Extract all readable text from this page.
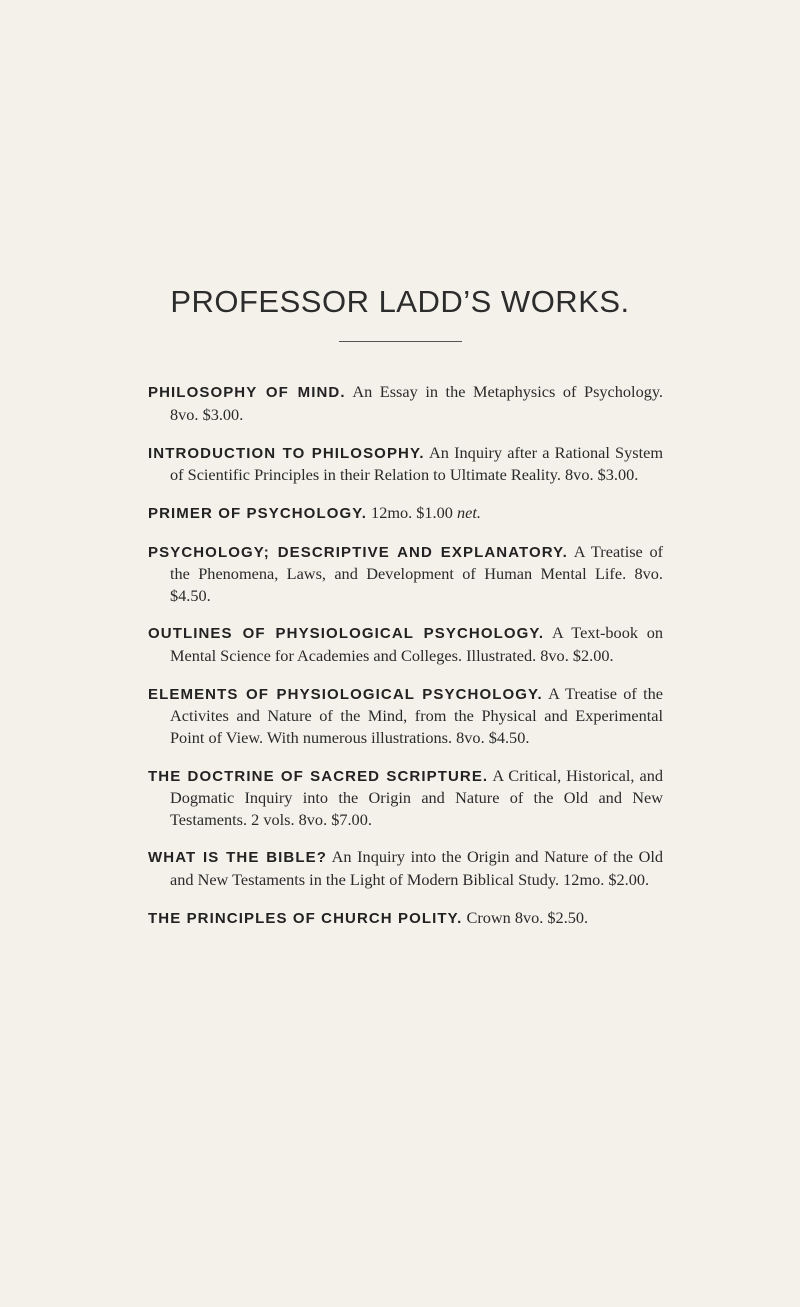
PROFESSOR LADD’S WORKS.

PHILOSOPHY OF MIND. An Essay in the Metaphysics of Psychology. 8vo. $3.00.

INTRODUCTION TO PHILOSOPHY. An Inquiry after a Rational System of Scientific Principles in their Relation to Ultimate Reality. 8vo. $3.00.

PRIMER OF PSYCHOLOGY. 12mo. $1.00 net.

PSYCHOLOGY; DESCRIPTIVE AND EXPLANATORY. A Treatise of the Phenomena, Laws, and Development of Human Mental Life. 8vo. $4.50.

OUTLINES OF PHYSIOLOGICAL PSYCHOLOGY. A Text-book on Mental Science for Academies and Colleges. Illustrated. 8vo. $2.00.

ELEMENTS OF PHYSIOLOGICAL PSYCHOLOGY. A Treatise of the Activites and Nature of the Mind, from the Physical and Experimental Point of View. With numerous illustrations. 8vo. $4.50.

THE DOCTRINE OF SACRED SCRIPTURE. A Critical, Historical, and Dogmatic Inquiry into the Origin and Nature of the Old and New Testaments. 2 vols. 8vo. $7.00.

WHAT IS THE BIBLE? An Inquiry into the Origin and Nature of the Old and New Testaments in the Light of Modern Biblical Study. 12mo. $2.00.

THE PRINCIPLES OF CHURCH POLITY. Crown 8vo. $2.50.
